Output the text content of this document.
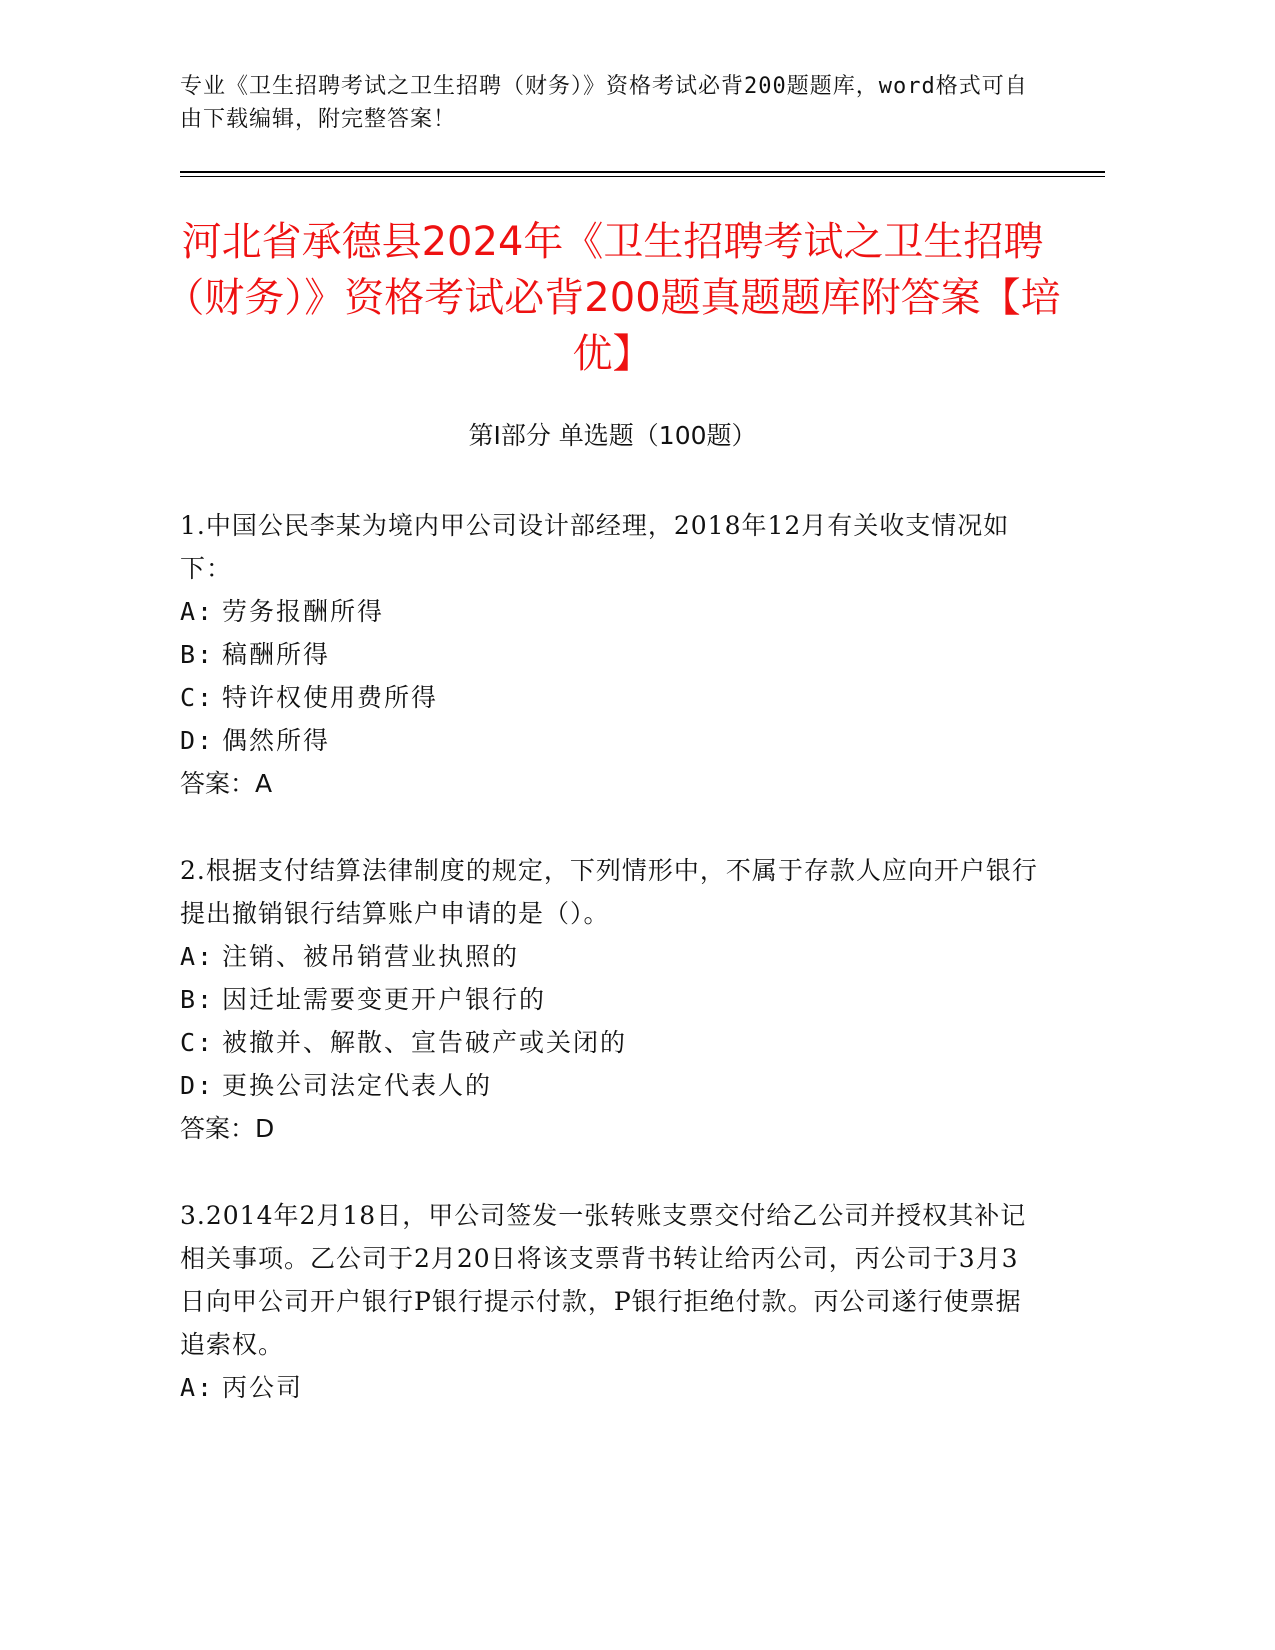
专业《卫生招聘考试之卫生招聘（财务）》资格考试必背200题题库，word格式可自由下载编辑，附完整答案！
河北省承德县2024年《卫生招聘考试之卫生招聘（财务）》资格考试必背200题真题题库附答案【培优】
第I部分 单选题（100题）
1.中国公民李某为境内甲公司设计部经理，2018年12月有关收支情况如下：
A: 劳务报酬所得
B: 稿酬所得
C: 特许权使用费所得
D: 偶然所得
答案：A
2.根据支付结算法律制度的规定，下列情形中，不属于存款人应向开户银行提出撤销银行结算账户申请的是（）。
A: 注销、被吊销营业执照的
B: 因迁址需要变更开户银行的
C: 被撤并、解散、宣告破产或关闭的
D: 更换公司法定代表人的
答案：D
3.2014年2月18日，甲公司签发一张转账支票交付给乙公司并授权其补记相关事项。乙公司于2月20日将该支票背书转让给丙公司，丙公司于3月3日向甲公司开户银行P银行提示付款，P银行拒绝付款。丙公司遂行使票据追索权。
A: 丙公司
